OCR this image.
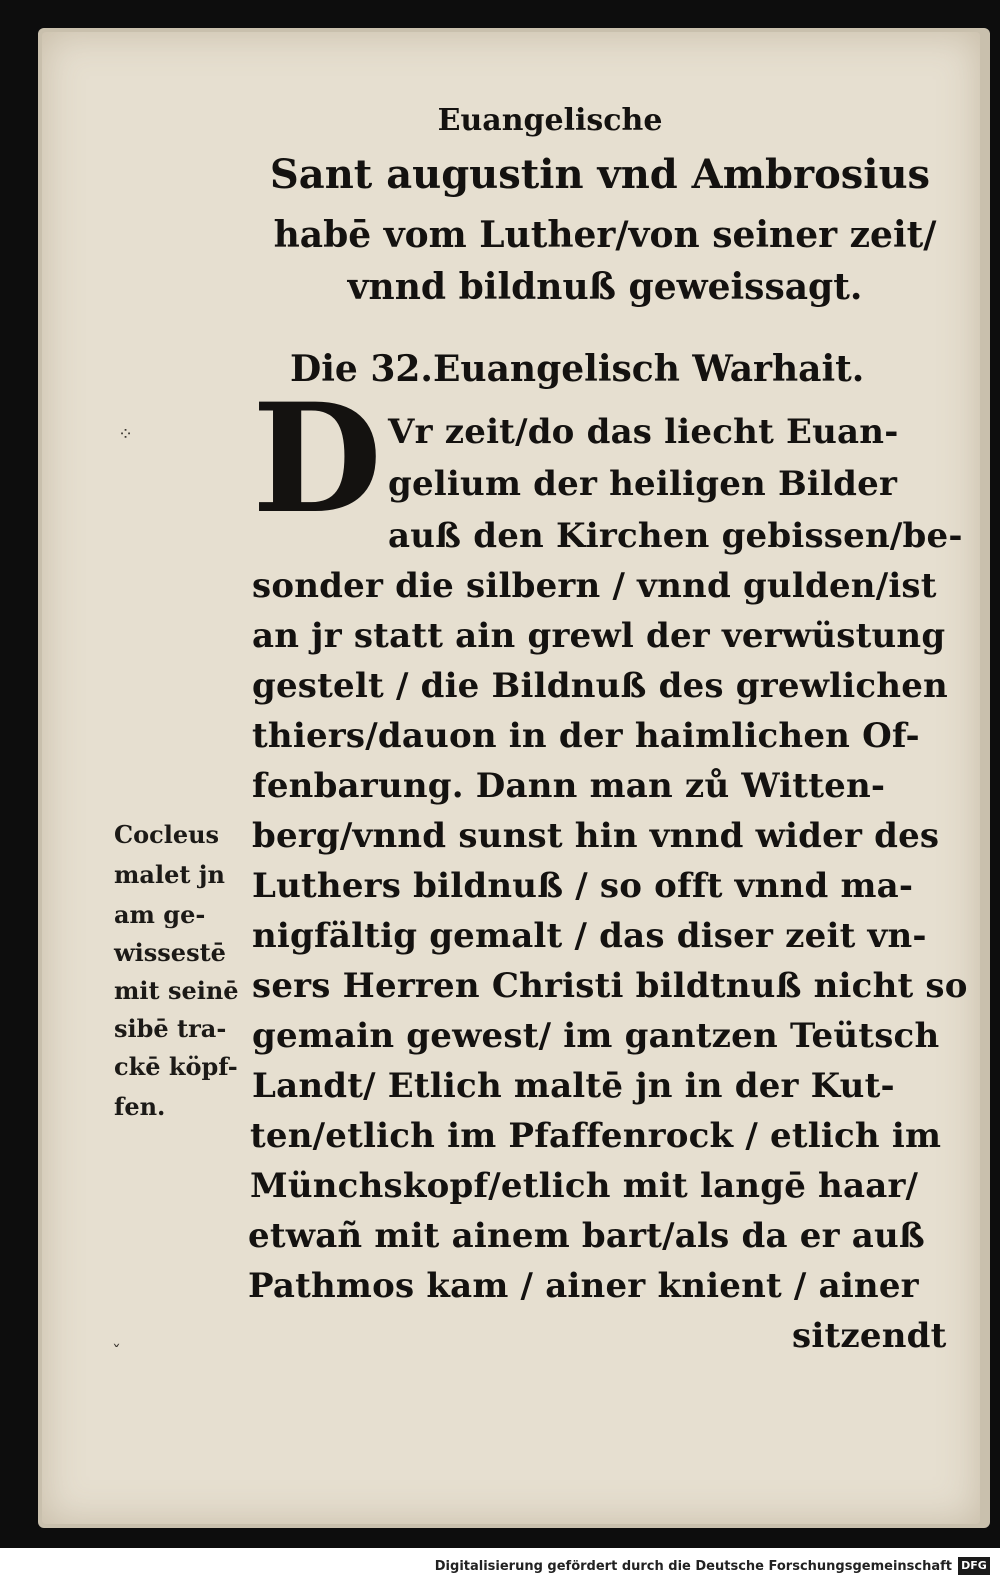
Euangelische
Sant augustin vnd Ambrosius
habē vom Luther/von seiner zeit/
vnnd bildnuß geweissagt.
Die 32.Euangelisch Warhait.
D Vr zeit/do das liecht Euan-
gelium der heiligen Bilder
auß den Kirchen gebissen/be-
sonder die silbern / vnnd gulden/ist
an jr statt ain grewl der verwüstung
gestelt / die Bildnuß des grewlichen
thiers/dauon in der haimlichen Of-
fenbarung. Dann man zů Witten-
berg/vnnd sunst hin vnnd wider des
Luthers bildnuß / so offt vnnd ma-
nigfältig gemalt / das diser zeit vn-
sers Herren Christi bildtnuß nicht so
gemain gewest/ im gantzen Teütsch
Landt/ Etlich maltē jn in der Kut-
ten/etlich im Pfaffenrock / etlich im
Münchskopf/etlich mit langē haar/
etwañ mit ainem bart/als da er auß
Pathmos kam / ainer knient / ainer
sitzendt
Cocleus
malet jn
am ge-
wissestē
mit seinē
sibē tra-
ckē köpf-
fen.
⁘
ˇ
Digitalisierung gefördert durch die Deutsche Forschungsgemeinschaft DFG
